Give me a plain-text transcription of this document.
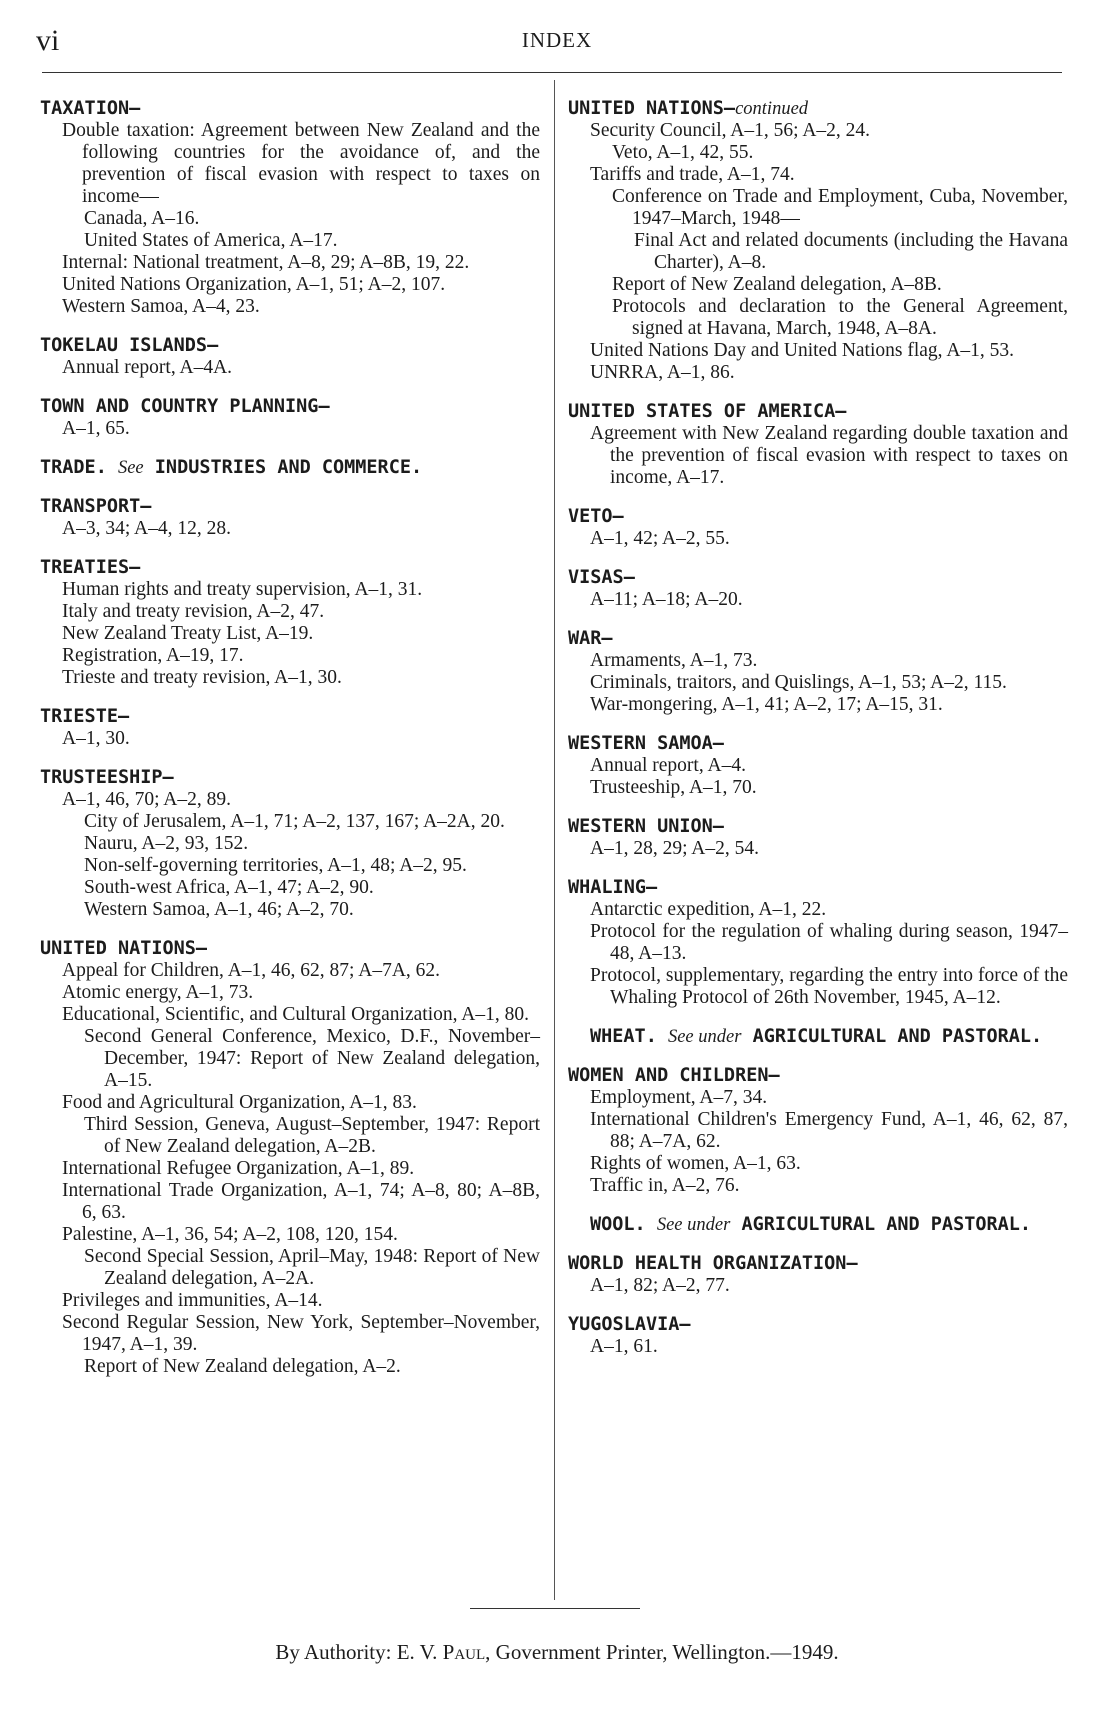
vi	INDEX
TAXATION—
Double taxation: Agreement between New Zealand and the following countries for the avoidance of, and the prevention of fiscal evasion with respect to taxes on income—
Canada, A–16.
United States of America, A–17.
Internal: National treatment, A–8, 29; A–8B, 19, 22.
United Nations Organization, A–1, 51; A–2, 107.
Western Samoa, A–4, 23.
TOKELAU ISLANDS—
Annual report, A–4A.
TOWN AND COUNTRY PLANNING—
A–1, 65.
TRADE. See INDUSTRIES AND COMMERCE.
TRANSPORT—
A–3, 34; A–4, 12, 28.
TREATIES—
Human rights and treaty supervision, A–1, 31.
Italy and treaty revision, A–2, 47.
New Zealand Treaty List, A–19.
Registration, A–19, 17.
Trieste and treaty revision, A–1, 30.
TRIESTE—
A–1, 30.
TRUSTEESHIP—
A–1, 46, 70; A–2, 89.
City of Jerusalem, A–1, 71; A–2, 137, 167; A–2A, 20.
Nauru, A–2, 93, 152.
Non-self-governing territories, A–1, 48; A–2, 95.
South-west Africa, A–1, 47; A–2, 90.
Western Samoa, A–1, 46; A–2, 70.
UNITED NATIONS—
Appeal for Children, A–1, 46, 62, 87; A–7A, 62.
Atomic energy, A–1, 73.
Educational, Scientific, and Cultural Organization, A–1, 80.
Second General Conference, Mexico, D.F., November–December, 1947: Report of New Zealand delegation, A–15.
Food and Agricultural Organization, A–1, 83.
Third Session, Geneva, August–September, 1947: Report of New Zealand delegation, A–2B.
International Refugee Organization, A–1, 89.
International Trade Organization, A–1, 74; A–8, 80; A–8B, 6, 63.
Palestine, A–1, 36, 54; A–2, 108, 120, 154.
Second Special Session, April–May, 1948: Report of New Zealand delegation, A–2A.
Privileges and immunities, A–14.
Second Regular Session, New York, September–November, 1947, A–1, 39.
Report of New Zealand delegation, A–2.
UNITED NATIONS—continued
Security Council, A–1, 56; A–2, 24.
Veto, A–1, 42, 55.
Tariffs and trade, A–1, 74.
Conference on Trade and Employment, Cuba, November, 1947–March, 1948—
Final Act and related documents (including the Havana Charter), A–8.
Report of New Zealand delegation, A–8B.
Protocols and declaration to the General Agreement, signed at Havana, March, 1948, A–8A.
United Nations Day and United Nations flag, A–1, 53.
UNRRA, A–1, 86.
UNITED STATES OF AMERICA—
Agreement with New Zealand regarding double taxation and the prevention of fiscal evasion with respect to taxes on income, A–17.
VETO—
A–1, 42; A–2, 55.
VISAS—
A–11; A–18; A–20.
WAR—
Armaments, A–1, 73.
Criminals, traitors, and Quislings, A–1, 53; A–2, 115.
War-mongering, A–1, 41; A–2, 17; A–15, 31.
WESTERN SAMOA—
Annual report, A–4.
Trusteeship, A–1, 70.
WESTERN UNION—
A–1, 28, 29; A–2, 54.
WHALING—
Antarctic expedition, A–1, 22.
Protocol for the regulation of whaling during season, 1947–48, A–13.
Protocol, supplementary, regarding the entry into force of the Whaling Protocol of 26th November, 1945, A–12.
WHEAT. See under AGRICULTURAL AND PASTORAL.
WOMEN AND CHILDREN—
Employment, A–7, 34.
International Children's Emergency Fund, A–1, 46, 62, 87, 88; A–7A, 62.
Rights of women, A–1, 63.
Traffic in, A–2, 76.
WOOL. See under AGRICULTURAL AND PASTORAL.
WORLD HEALTH ORGANIZATION—
A–1, 82; A–2, 77.
YUGOSLAVIA—
A–1, 61.
By Authority: E. V. Paul, Government Printer, Wellington.—1949.
